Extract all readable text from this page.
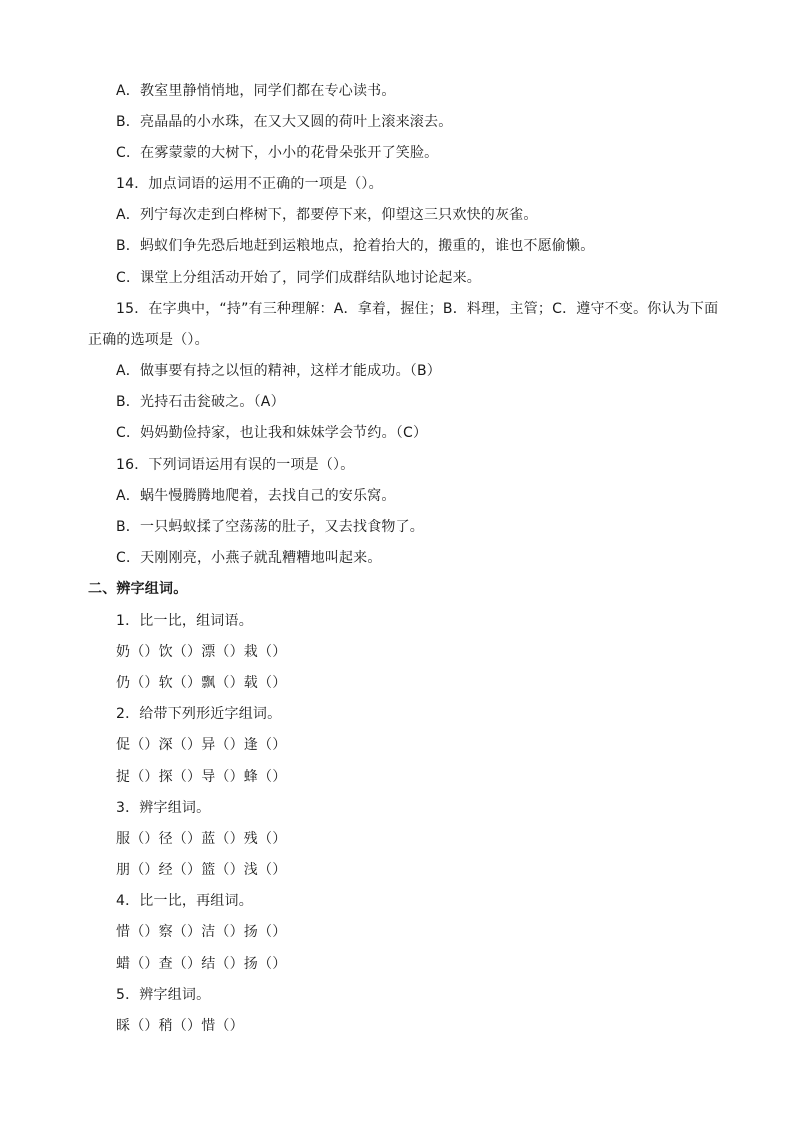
A．教室里静悄悄地，同学们都在专心读书。
B．亮晶晶的小水珠，在又大又圆的荷叶上滚来滚去。
C．在雾蒙蒙的大树下，小小的花骨朵张开了笑脸。
14．加点词语的运用不正确的一项是（）。
A．列宁每次走到白桦树下，都要停下来，仰望这三只欢快的灰雀。
B．蚂蚁们争先恐后地赶到运粮地点，抢着抬大的，搬重的，谁也不愿偷懒。
C．课堂上分组活动开始了，同学们成群结队地讨论起来。
15．在字典中，“持”有三种理解：A．拿着，握住；B．料理，主管；C．遵守不变。你认为下面
正确的选项是（）。
A．做事要有持之以恒的精神，这样才能成功。（B）
B．光持石击瓮破之。（A）
C．妈妈勤俭持家，也让我和妹妹学会节约。（C）
16．下列词语运用有误的一项是（）。
A．蜗牛慢腾腾地爬着，去找自己的安乐窝。
B．一只蚂蚁揉了空荡荡的肚子，又去找食物了。
C．天刚刚亮，小燕子就乱糟糟地叫起来。
二、辨字组词。
1．比一比，组词语。
奶（）饮（）漂（）栽（）
仍（）软（）飘（）载（）
2．给带下列形近字组词。
促（）深（）异（）逢（）
捉（）探（）导（）蜂（）
3．辨字组词。
服（）径（）蓝（）残（）
朋（）经（）篮（）浅（）
4．比一比，再组词。
惜（）察（）洁（）扬（）
蜡（）查（）结（）扬（）
5．辨字组词。
睬（）稍（）惜（）
